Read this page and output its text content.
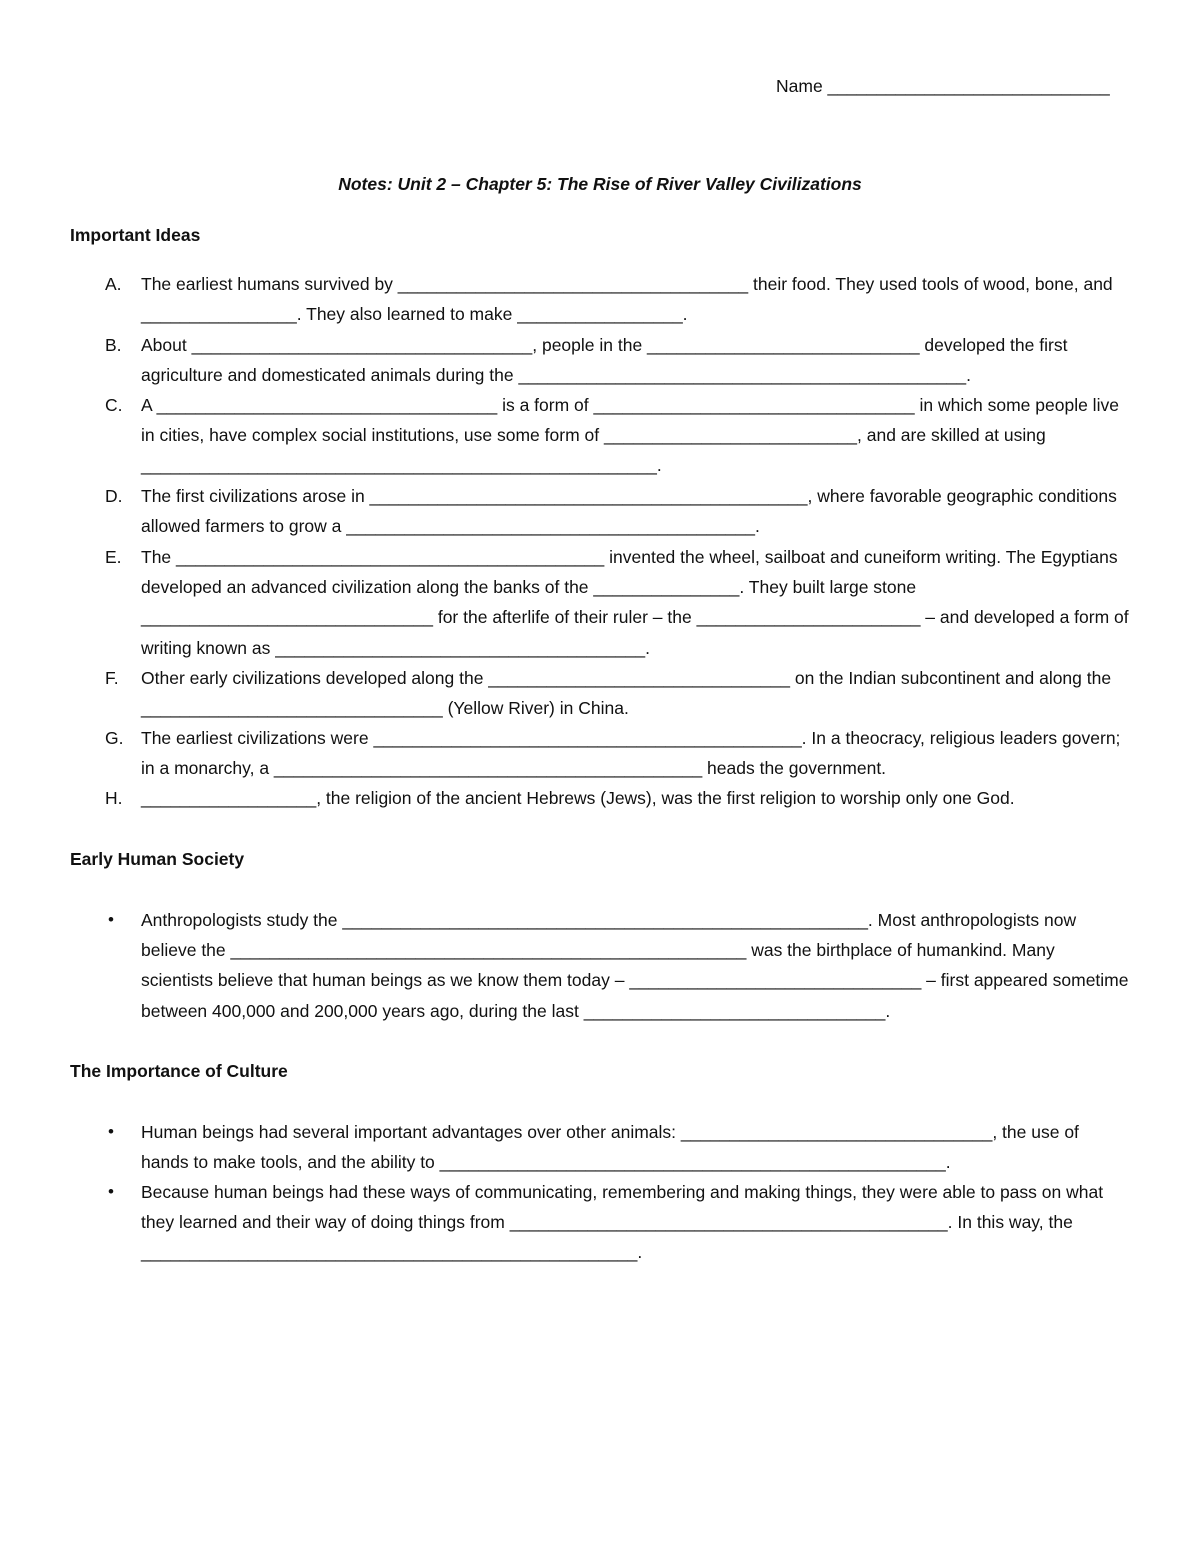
Name _____________________________
Notes: Unit 2 – Chapter 5: The Rise of River Valley Civilizations
Important Ideas
A. The earliest humans survived by ____________________________________ their food. They used tools of wood, bone, and ________________. They also learned to make _________________.
B. About ___________________________________, people in the ____________________________ developed the first agriculture and domesticated animals during the ______________________________________________.
C. A ___________________________________ is a form of _________________________________ in which some people live in cities, have complex social institutions, use some form of __________________________, and are skilled at using _____________________________________________________.
D. The first civilizations arose in _____________________________________________, where favorable geographic conditions allowed farmers to grow a __________________________________________.
E. The ____________________________________________ invented the wheel, sailboat and cuneiform writing. The Egyptians developed an advanced civilization along the banks of the _______________. They built large stone ______________________________ for the afterlife of their ruler – the _______________________ – and developed a form of writing known as ______________________________________.
F. Other early civilizations developed along the _______________________________ on the Indian subcontinent and along the _______________________________ (Yellow River) in China.
G. The earliest civilizations were ____________________________________________. In a theocracy, religious leaders govern; in a monarchy, a ____________________________________________ heads the government.
H. __________________, the religion of the ancient Hebrews (Jews), was the first religion to worship only one God.
Early Human Society
• Anthropologists study the ______________________________________________________. Most anthropologists now believe the _____________________________________________________ was the birthplace of humankind. Many scientists believe that human beings as we know them today – ______________________________ – first appeared sometime between 400,000 and 200,000 years ago, during the last _______________________________.
The Importance of Culture
• Human beings had several important advantages over other animals: ________________________________, the use of hands to make tools, and the ability to ____________________________________________________.
• Because human beings had these ways of communicating, remembering and making things, they were able to pass on what they learned and their way of doing things from _____________________________________________. In this way, the ___________________________________________________.
